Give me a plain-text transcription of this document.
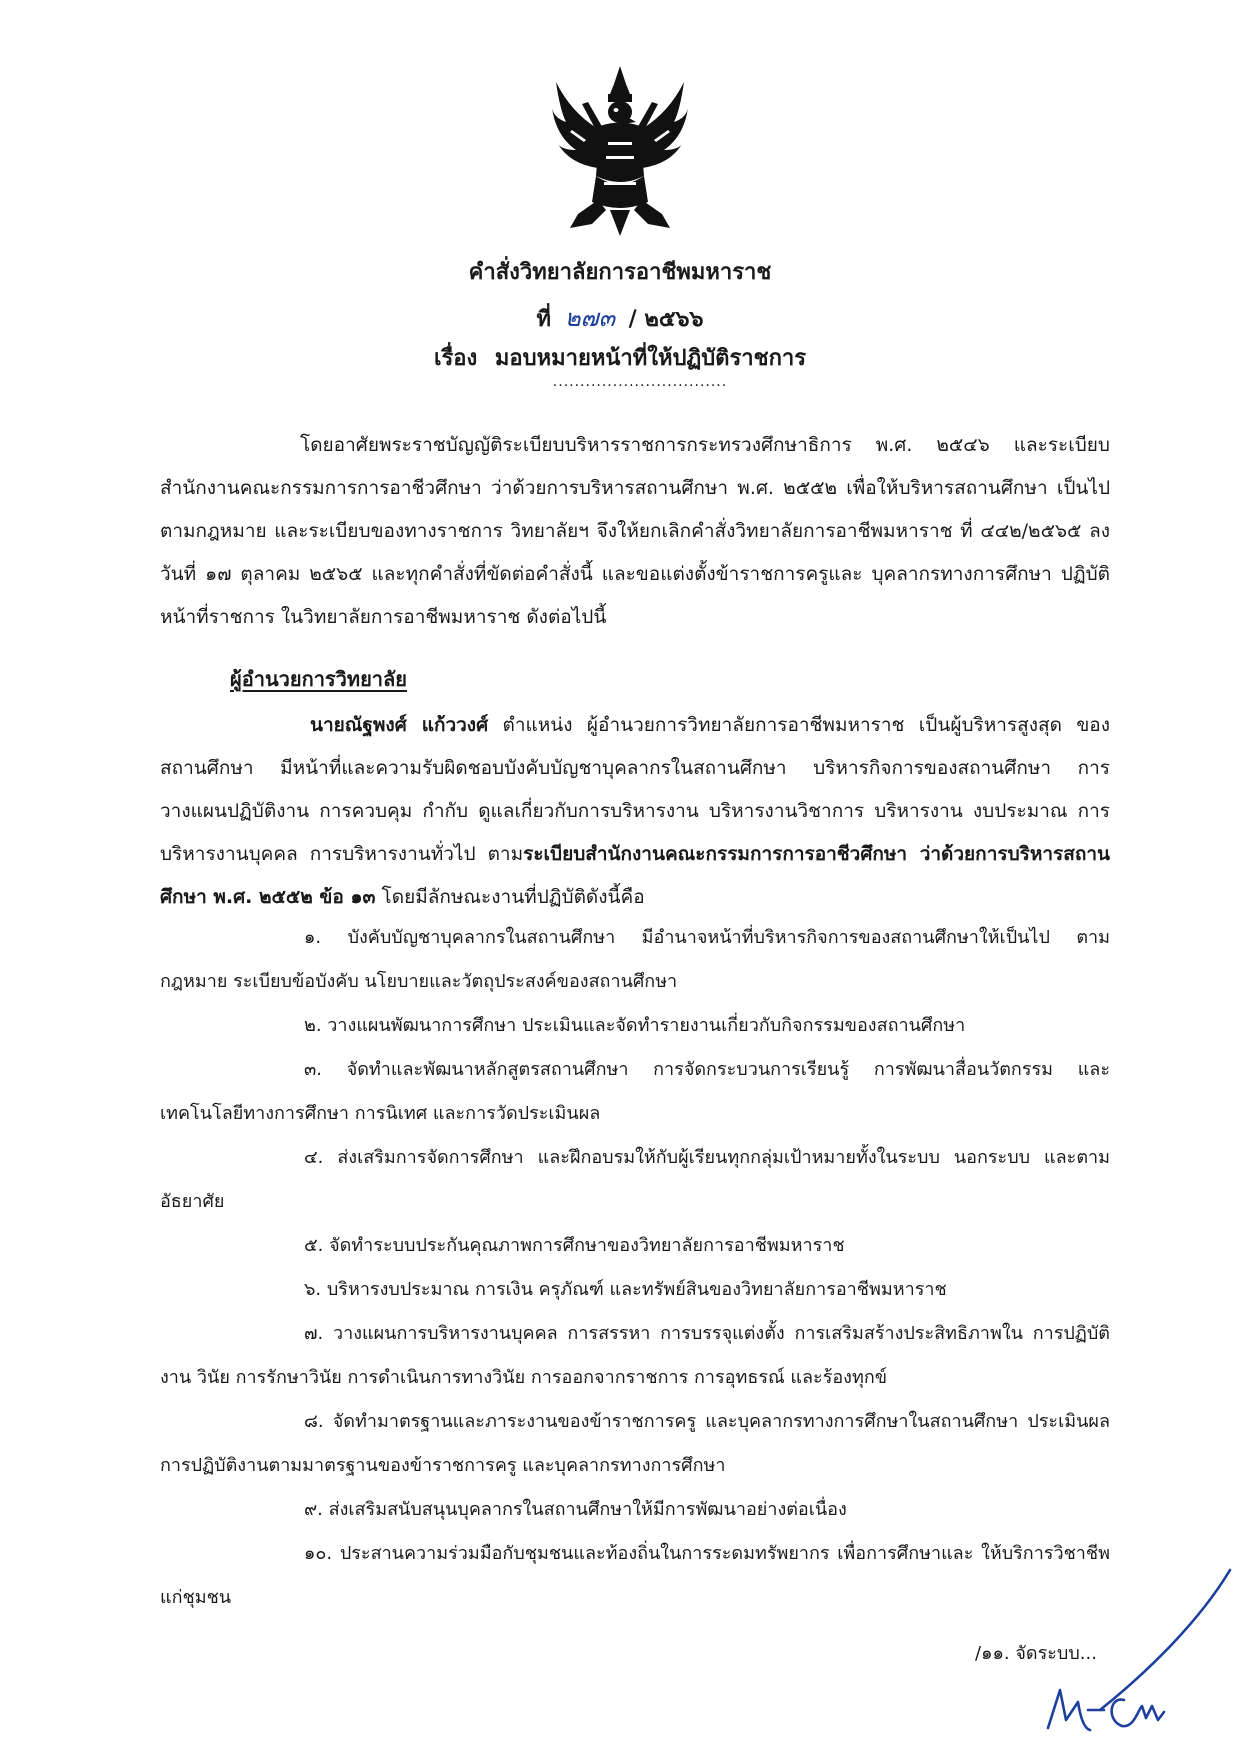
คำสั่งวิทยาลัยการอาชีพมหาราช
ที่ ๒๗๓ / ๒๕๖๖
เรื่อง มอบหมายหน้าที่ให้ปฏิบัติราชการ
................................
โดยอาศัยพระราชบัญญัติระเบียบบริหารราชการกระทรวงศึกษาธิการ พ.ศ. ๒๕๔๖ และระเบียบ สำนักงานคณะกรรมการการอาชีวศึกษา ว่าด้วยการบริหารสถานศึกษา พ.ศ. ๒๕๕๒ เพื่อให้บริหารสถานศึกษา เป็นไปตามกฎหมาย และระเบียบของทางราชการ วิทยาลัยฯ จึงให้ยกเลิกคำสั่งวิทยาลัยการอาชีพมหาราช ที่ ๔๔๒/๒๕๖๕ ลงวันที่ ๑๗ ตุลาคม ๒๕๖๕ และทุกคำสั่งที่ขัดต่อคำสั่งนี้ และขอแต่งตั้งข้าราชการครูและ บุคลากรทางการศึกษา ปฏิบัติหน้าที่ราชการ ในวิทยาลัยการอาชีพมหาราช ดังต่อไปนี้
ผู้อำนวยการวิทยาลัย
นายณัฐพงศ์ แก้ววงศ์ ตำแหน่ง ผู้อำนวยการวิทยาลัยการอาชีพมหาราช เป็นผู้บริหารสูงสุด ของสถานศึกษา มีหน้าที่และความรับผิดชอบบังคับบัญชาบุคลากรในสถานศึกษา บริหารกิจการของสถานศึกษา การวางแผนปฏิบัติงาน การควบคุม กำกับ ดูแลเกี่ยวกับการบริหารงาน บริหารงานวิชาการ บริหารงาน งบประมาณ การบริหารงานบุคคล การบริหารงานทั่วไป ตามระเบียบสำนักงานคณะกรรมการการอาชีวศึกษา ว่าด้วยการบริหารสถานศึกษา พ.ศ. ๒๕๕๒ ข้อ ๑๓ โดยมีลักษณะงานที่ปฏิบัติดังนี้คือ
๑. บังคับบัญชาบุคลากรในสถานศึกษา มีอำนาจหน้าที่บริหารกิจการของสถานศึกษาให้เป็นไป ตามกฎหมาย ระเบียบข้อบังคับ นโยบายและวัตถุประสงค์ของสถานศึกษา
๒. วางแผนพัฒนาการศึกษา ประเมินและจัดทำรายงานเกี่ยวกับกิจกรรมของสถานศึกษา
๓. จัดทำและพัฒนาหลักสูตรสถานศึกษา การจัดกระบวนการเรียนรู้ การพัฒนาสื่อนวัตกรรม และเทคโนโลยีทางการศึกษา การนิเทศ และการวัดประเมินผล
๔. ส่งเสริมการจัดการศึกษา และฝึกอบรมให้กับผู้เรียนทุกกลุ่มเป้าหมายทั้งในระบบ นอกระบบ และตามอัธยาศัย
๕. จัดทำระบบประกันคุณภาพการศึกษาของวิทยาลัยการอาชีพมหาราช
๖. บริหารงบประมาณ การเงิน ครุภัณฑ์ และทรัพย์สินของวิทยาลัยการอาชีพมหาราช
๗. วางแผนการบริหารงานบุคคล การสรรหา การบรรจุแต่งตั้ง การเสริมสร้างประสิทธิภาพใน การปฏิบัติงาน วินัย การรักษาวินัย การดำเนินการทางวินัย การออกจากราชการ การอุทธรณ์ และร้องทุกข์
๘. จัดทำมาตรฐานและภาระงานของข้าราชการครู และบุคลากรทางการศึกษาในสถานศึกษา ประเมินผลการปฏิบัติงานตามมาตรฐานของข้าราชการครู และบุคลากรทางการศึกษา
๙. ส่งเสริมสนับสนุนบุคลากรในสถานศึกษาให้มีการพัฒนาอย่างต่อเนื่อง
๑๐. ประสานความร่วมมือกับชุมชนและท้องถิ่นในการระดมทรัพยากร เพื่อการศึกษาและ ให้บริการวิชาชีพแก่ชุมชน
/๑๑. จัดระบบ...
